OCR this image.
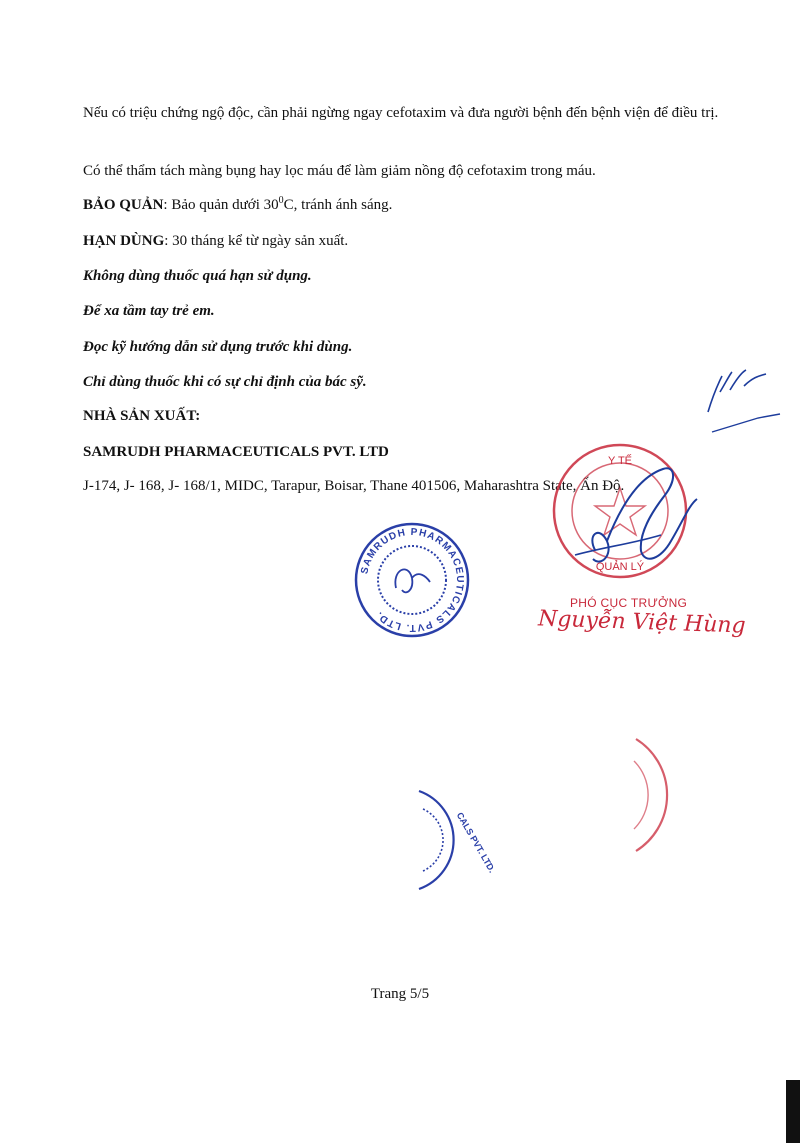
Nếu có triệu chứng ngộ độc, cần phải ngừng ngay cefotaxim và đưa người bệnh đến bệnh viện để điều trị.

Có thể thẩm tách màng bụng hay lọc máu để làm giảm nồng độ cefotaxim trong máu.

BẢO QUẢN: Bảo quản dưới $30^0C$, tránh ánh sáng.

HẠN DÙNG: 30 tháng kể từ ngày sản xuất.

Không dùng thuốc quá hạn sử dụng.

Để xa tầm tay trẻ em.

Đọc kỹ hướng dẫn sử dụng trước khi dùng.

Chỉ dùng thuốc khi có sự chỉ định của bác sỹ.

NHÀ SẢN XUẤT:

SAMRUDH PHARMACEUTICALS PVT. LTD

J-174, J- 168, J- 168/1, MIDC, Tarapur, Boisar, Thane 401506, Maharashtra State, Ấn Độ.

SAMRUDH PHARMACEUTICALS PVT. LTD.
Y TẾ
QUẢN LÝ
PHÓ CỤC TRƯỞNG
Nguyễn Việt Hùng
CALS PVT. LTD.
Trang 5/5
